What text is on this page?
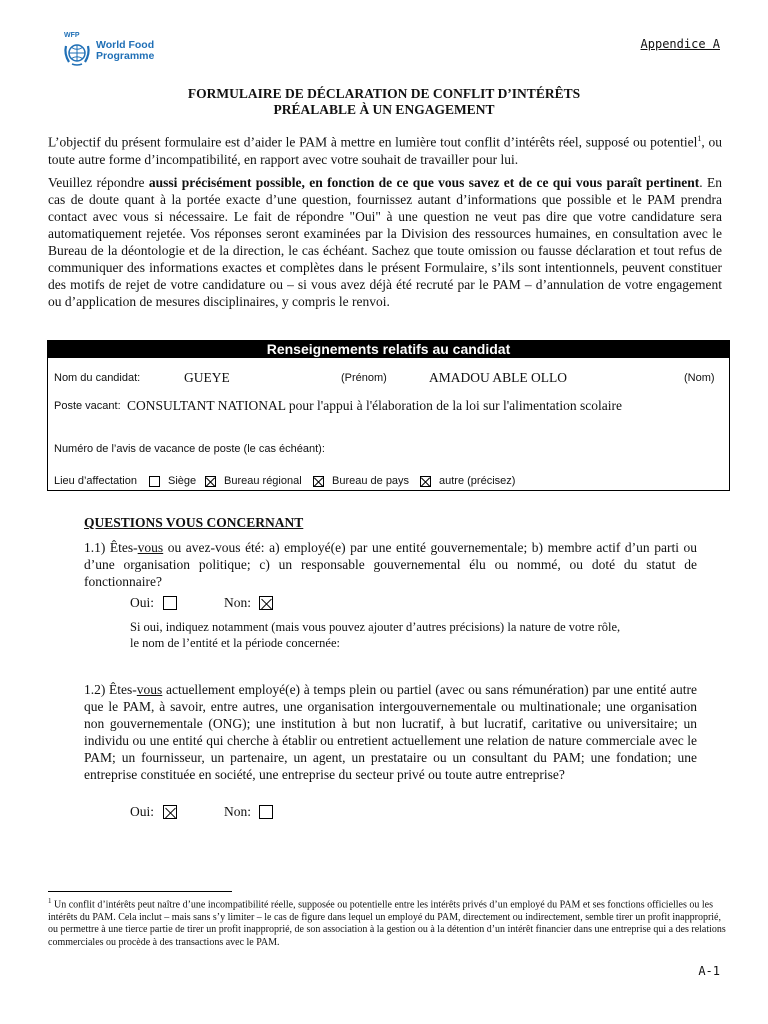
WFP
World Food
Programme
Appendice A
FORMULAIRE DE DÉCLARATION DE CONFLIT D’INTÉRÊTS
PRÉALABLE À UN ENGAGEMENT
L’objectif du présent formulaire est d’aider le PAM à mettre en lumière tout conflit d’intérêts réel, supposé ou potentiel$^1$, ou toute autre forme d’incompatibilité, en rapport avec votre souhait de travailler pour lui.
Veuillez répondre aussi précisément possible, en fonction de ce que vous savez et de ce qui vous paraît pertinent. En cas de doute quant à la portée exacte d’une question, fournissez autant d’informations que possible et le PAM prendra contact avec vous si nécessaire. Le fait de répondre "Oui" à une question ne veut pas dire que votre candidature sera automatiquement rejetée. Vos réponses seront examinées par la Division des ressources humaines, en consultation avec le Bureau de la déontologie et de la direction, le cas échéant. Sachez que toute omission ou fausse déclaration et tout refus de communiquer des informations exactes et complètes dans le présent Formulaire, s’ils sont intentionnels, peuvent constituer des motifs de rejet de votre candidature ou – si vous avez déjà été recruté par le PAM – d’annulation de votre engagement ou d’application de mesures disciplinaires, y compris le renvoi.
Renseignements relatifs au candidat
Nom du candidat:	GUEYE	(Prénom)	AMADOU ABLE OLLO	(Nom)
Poste vacant: CONSULTANT NATIONAL pour l'appui à l'élaboration de la loi sur l'alimentation scolaire
Numéro de l’avis de vacance de poste (le cas échéant):
Lieu d’affectation	Siège	Bureau régional	Bureau de pays	autre (précisez)
QUESTIONS VOUS CONCERNANT
1.1) Êtes-vous ou avez-vous été: a) employé(e) par une entité gouvernementale; b) membre actif d’un parti ou d’une organisation politique; c) un responsable gouvernemental élu ou nommé, ou doté du statut de fonctionnaire?
Oui:	Non:
Si oui, indiquez notamment (mais vous pouvez ajouter d’autres précisions) la nature de votre rôle,
le nom de l’entité et la période concernée:
1.2) Êtes-vous actuellement employé(e) à temps plein ou partiel (avec ou sans rémunération) par une entité autre que le PAM, à savoir, entre autres, une organisation intergouvernementale ou multinationale; une organisation non gouvernementale (ONG); une institution à but non lucratif, à but lucratif, caritative ou universitaire; un individu ou une entité qui cherche à établir ou entretient actuellement une relation de nature commerciale avec le PAM; un fournisseur, un partenaire, un agent, un prestataire ou un consultant du PAM; une fondation; une entreprise constituée en société, une entreprise du secteur privé ou toute autre entreprise?
Oui:	Non:
$^1$ Un conflit d’intérêts peut naître d’une incompatibilité réelle, supposée ou potentielle entre les intérêts privés d’un employé du PAM et ses fonctions officielles ou les intérêts du PAM. Cela inclut – mais sans s’y limiter – le cas de figure dans lequel un employé du PAM, directement ou indirectement, semble tirer un profit inapproprié, ou permettre à une tierce partie de tirer un profit inapproprié, de son association à la gestion ou à la détention d’un intérêt financier dans une entreprise qui a des relations commerciales ou procède à des transactions avec le PAM.
A-1
